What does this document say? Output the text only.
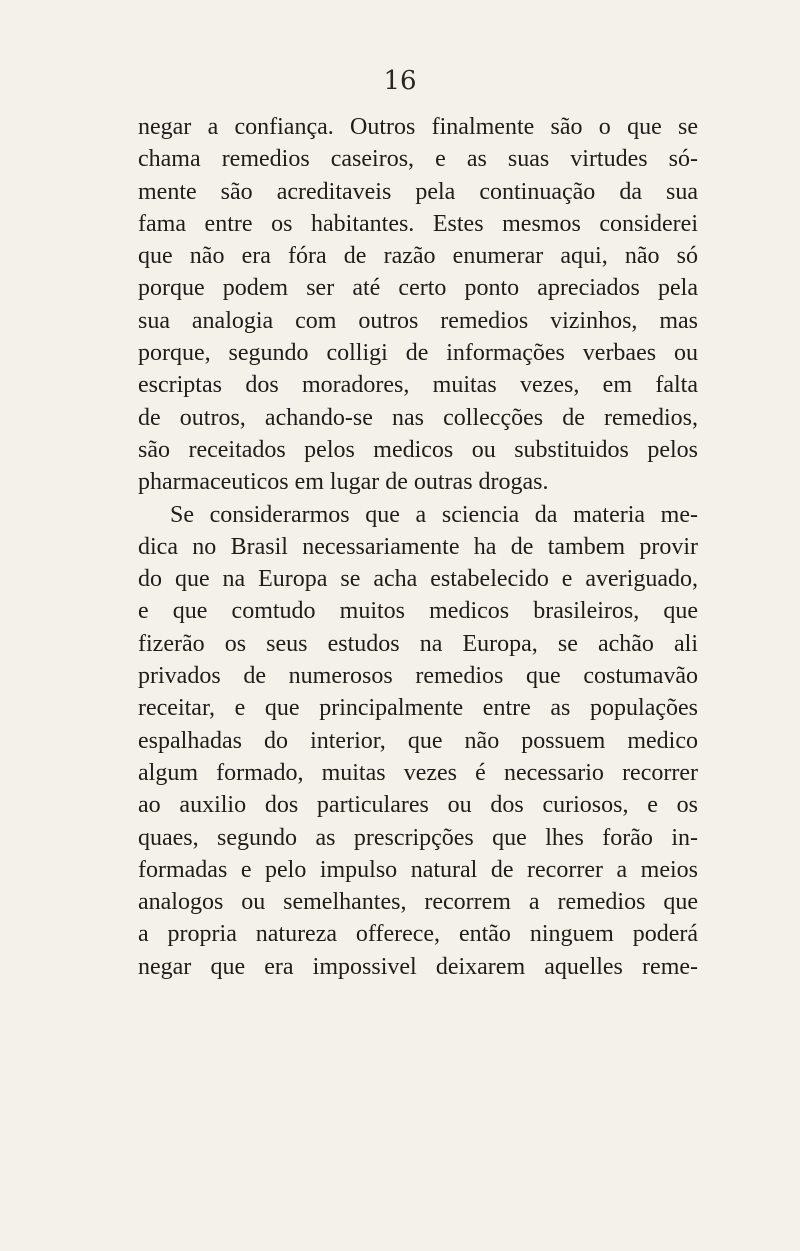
16
negar a confiança. Outros finalmente são o que se
chama remedios caseiros, e as suas virtudes só-
mente são acreditaveis pela continuação da sua
fama entre os habitantes. Estes mesmos considerei
que não era fóra de razão enumerar aqui, não só
porque podem ser até certo ponto apreciados pela
sua analogia com outros remedios vizinhos, mas
porque, segundo colligi de informações verbaes ou
escriptas dos moradores, muitas vezes, em falta
de outros, achando-se nas collecções de remedios,
são receitados pelos medicos ou substituidos pelos
pharmaceuticos em lugar de outras drogas.
Se considerarmos que a sciencia da materia me-
dica no Brasil necessariamente ha de tambem provir
do que na Europa se acha estabelecido e averiguado,
e que comtudo muitos medicos brasileiros, que
fizerão os seus estudos na Europa, se achão ali
privados de numerosos remedios que costumavão
receitar, e que principalmente entre as populações
espalhadas do interior, que não possuem medico
algum formado, muitas vezes é necessario recorrer
ao auxilio dos particulares ou dos curiosos, e os
quaes, segundo as prescripções que lhes forão in-
formadas e pelo impulso natural de recorrer a meios
analogos ou semelhantes, recorrem a remedios que
a propria natureza offerece, então ninguem poderá
negar que era impossivel deixarem aquelles reme-
